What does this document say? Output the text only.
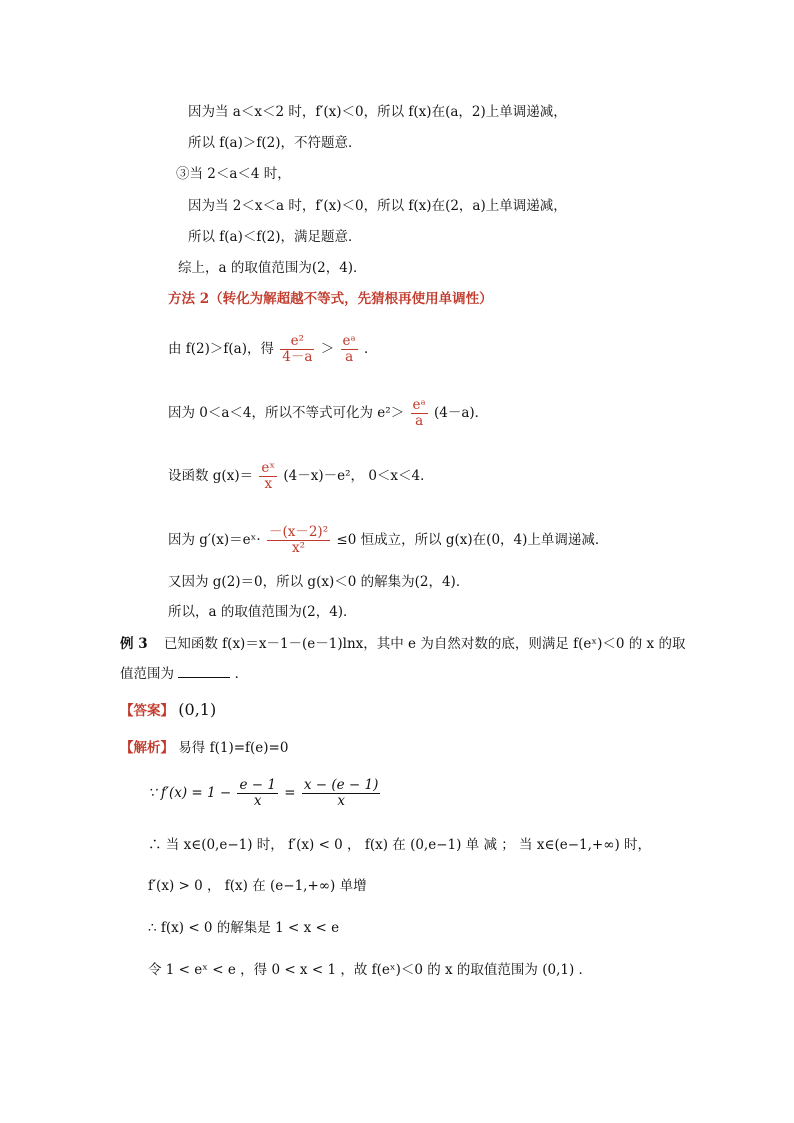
因为当 a＜x＜2 时，f′(x)＜0，所以 f(x)在(a，2)上单调递减，
所以 f(a)＞f(2)，不符题意．
③当 2＜a＜4 时，
因为当 2＜x＜a 时，f′(x)＜0，所以 f(x)在(2，a)上单调递减，
所以 f(a)＜f(2)，满足题意．
综上，a 的取值范围为(2，4)．
方法 2（转化为解超越不等式，先猜根再使用单调性）
由 f(2)＞f(a)，得 $\frac{\text{e²}}{4-a} > \frac{\text{eᵃ}}{a}$ ．
因为 0＜a＜4，所以不等式可化为 $e^2> \frac{\text{eᵃ}}{a} (4-a)$．
设函数 $g(x)= \frac{\text{eˣ}}{x} (4-x)-e^2$， 0＜x＜4．
因为 g′(x)＝eˣ· $\frac{\text{－(x－2)²}}{\text{x²}} \le 0$ 恒成立，所以 g(x)在(0，4)上单调递减．
又因为 g(2)＝0，所以 g(x)＜0 的解集为(2，4)．
所以，a 的取值范围为(2，4)．
例 3 已知函数 f(x)＝x－1－(e－1)lnx，其中 e 为自然对数的底，则满足 f(eˣ)＜0 的 x 的取
值范围为	．
【答案】 (0,1)
【解析】 易得 f(1)=f(e)=0
∵ $f'(x) = 1 - \frac{e - 1}{x} = \frac{x - (e - 1)}{x}$
∴ 当 x∈(0,e−1) 时， f′(x) < 0 ， f(x) 在 (0,e−1) 单 减 ； 当 x∈(e−1,+∞) 时，
f′(x) > 0 ， f(x) 在 (e−1,+∞) 单增
∴ f(x) < 0 的解集是 1 < x < e
令 1 < eˣ < e ，得 0 < x < 1 ，故 f(eˣ)＜0 的 x 的取值范围为 (0,1) ．
